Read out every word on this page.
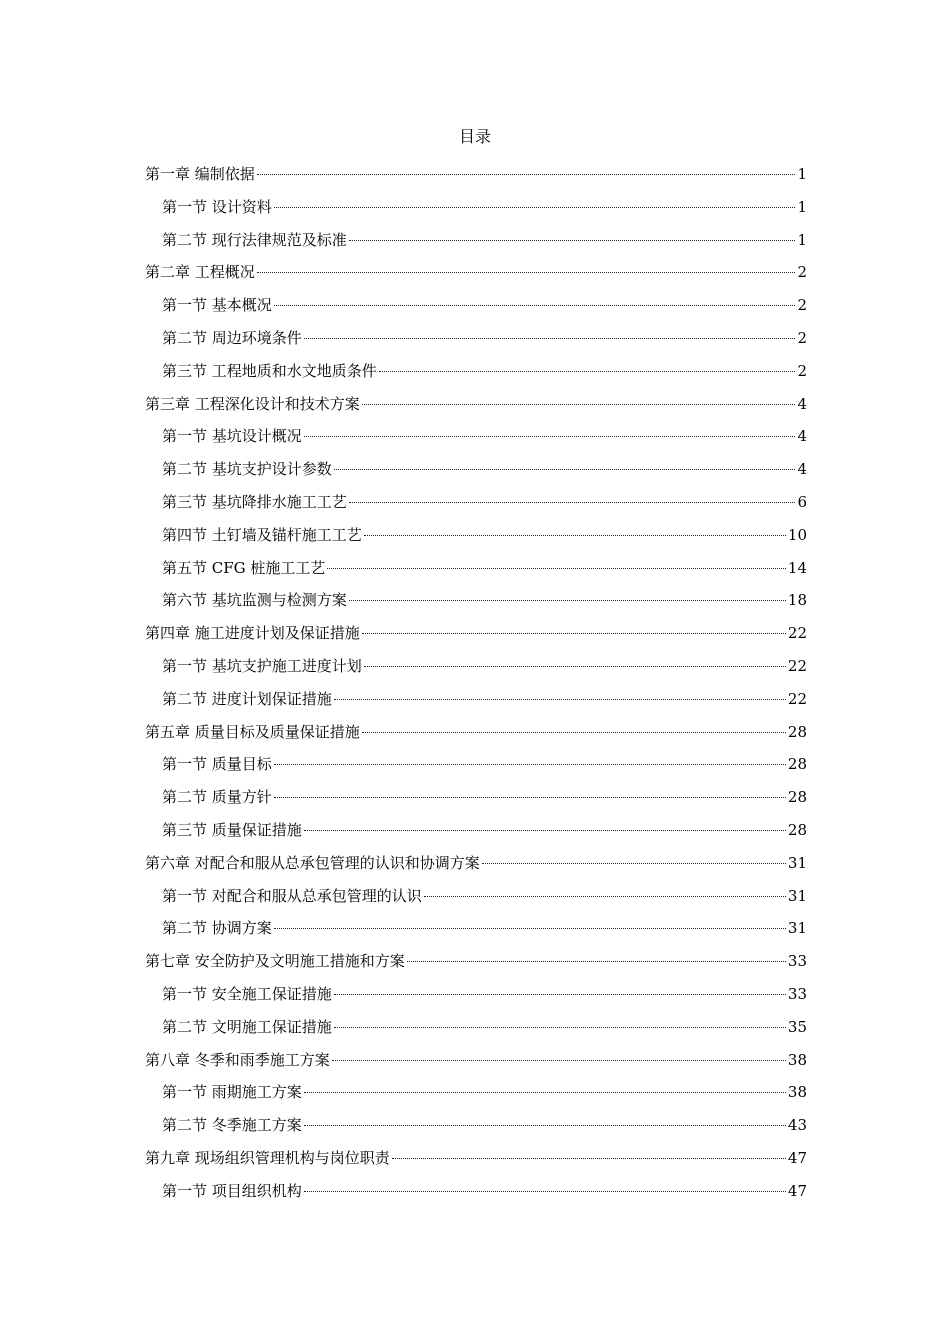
目录
第一章 编制依据	1
第一节 设计资料	1
第二节 现行法律规范及标准	1
第二章 工程概况	2
第一节 基本概况	2
第二节 周边环境条件	2
第三节 工程地质和水文地质条件	2
第三章 工程深化设计和技术方案	4
第一节 基坑设计概况	4
第二节 基坑支护设计参数	4
第三节 基坑降排水施工工艺	6
第四节 土钉墙及锚杆施工工艺	10
第五节 CFG 桩施工工艺	14
第六节 基坑监测与检测方案	18
第四章 施工进度计划及保证措施	22
第一节 基坑支护施工进度计划	22
第二节 进度计划保证措施	22
第五章 质量目标及质量保证措施	28
第一节 质量目标	28
第二节 质量方针	28
第三节 质量保证措施	28
第六章 对配合和服从总承包管理的认识和协调方案	31
第一节 对配合和服从总承包管理的认识	31
第二节 协调方案	31
第七章 安全防护及文明施工措施和方案	33
第一节 安全施工保证措施	33
第二节 文明施工保证措施	35
第八章 冬季和雨季施工方案	38
第一节 雨期施工方案	38
第二节 冬季施工方案	43
第九章 现场组织管理机构与岗位职责	47
第一节 项目组织机构	47
